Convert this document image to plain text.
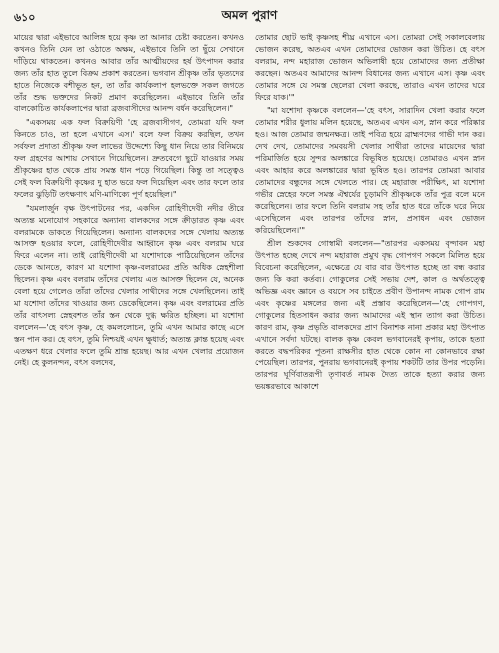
৬১০	অমল পুরাণ

মায়ের দ্বারা এইভাবে আলিঙ্গ হয়ে কৃষ্ণ তা আনার চেষ্টা করতেন। কখনও কখনও তিনি যেন তা ওঠাতে অক্ষম, এইভাবে তিনি তা ছুঁয়ে সেখানে দাঁড়িয়ে থাকতেন। কখনও আবার তাঁর আত্মীয়দের হর্ষ উৎপাদন করার জন্য তাঁর হাত তুলে বিক্রম প্রকাশ করতেন। ভগবান শ্রীকৃষ্ণ তাঁর ভৃত্যদের হাতে নিজেকে বশীভূত হন, তা তাঁর কার্যকলাপ হলভক্তে সকল জগতে তাঁর শুদ্ধ ভক্তদের নিকট প্রমাণ করেছিলেন। এইভাবে তিনি তাঁর বালকোচিত কার্যকলাপের দ্বারা ব্রজবাসীদের আনন্দ বর্ধন করেছিলেন।"

"একসময় এক ফল বিক্রয়িণী 'হে ব্রজবাসীগণ, তোমরা যদি ফল কিনতে চাও, তা হলে এখানে এস।' বলে ফল বিক্রয় করছিল, তখন সর্বফল প্রদাতা শ্রীকৃষ্ণ ফল লাভের উদ্দেশ্যে কিছু ধান নিয়ে তার বিনিময়ে ফল গ্রহণের আশায় সেখানে গিয়েছিলেন। দ্রুতবেগে ছুটে যাওয়ার সময় শ্রীকৃষ্ণের হাত থেকে প্রায় সমস্ত ধান পড়ে গিয়েছিল। কিন্তু তা সত্ত্বেও সেই ফল বিক্রয়িণী কৃষ্ণের দু হাত ভরে ফল দিয়েছিল এবং তার ফলে তার ফলের ঝুড়িটি তৎক্ষণাৎ মণি-মাণিক্যে পূর্ণ হয়েছিল।"

"যমলার্জুন বৃক্ষ উৎপাটনের পর, একদিন রোহিণীদেবী নদীর তীরে অত্যন্ত মনোযোগ সহকারে অন্যান্য বালকদের সঙ্গে ক্রীড়ারত কৃষ্ণ এবং বলরামকে ডাকতে গিয়েছিলেন। অন্যান্য বালকদের সঙ্গে খেলায় অত্যন্ত আসক্ত হওয়ার ফলে, রোহিণীদেবীর আহ্বানে কৃষ্ণ এবং বলরাম ঘরে ফিরে এলেন না। তাই রোহিণীদেবী মা যশোদাকে পাঠিয়েছিলেন তাঁদের ডেকে আনতে, কারণ মা যশোদা কৃষ্ণ-বলরামের প্রতি অধিক স্নেহশীলা ছিলেন। কৃষ্ণ এবং বলরাম তাঁদের খেলায় এত আসক্ত ছিলেন যে, অনেক বেলা হয়ে গেলেও তাঁরা তাঁদের খেলার সাথীদের সঙ্গে খেলছিলেন। তাই মা যশোদা তাঁদের খাওয়ার জন্য ডেকেছিলেন। কৃষ্ণ এবং বলরামের প্রতি তাঁর বাৎসল্য স্নেহবশত তাঁর স্তন থেকে দুগ্ধ ক্ষরিত হচ্ছিল। মা যশোদা বললেন—'হে বৎস কৃষ্ণ, হে কমললোচন, তুমি এখন আমার কাছে এসে স্তন পান কর। হে বৎস, তুমি নিশ্চয়ই এখন ক্ষুধার্ত; অত্যন্ত ক্লান্ত হয়েছ এবং এতক্ষণ ধরে খেলার ফলে তুমি শ্রান্ত হয়েছ। আর এখন খেলার প্রয়োজন নেই। হে কুলনন্দন, বৎস বলদেব,

তোমার ছোট ভাই কৃষ্ণসহ শীঘ্র এখানে এস। তোমরা সেই সকালবেলায় ভোজন করেছ, অতএব এখন তোমাদের ভোজন করা উচিত। হে বৎস বলরাম, নন্দ মহারাজ ভোজন অভিলাষী হয়ে তোমাদের জন্য প্রতীক্ষা করছেন। অতএব আমাদের আনন্দ বিধানের জন্য এখানে এস। কৃষ্ণ এবং তোমার সঙ্গে যে সমস্ত ছেলেরা খেলা করছে, তারাও এখন তাদের ঘরে ফিরে যাক।'"

"মা যশোদা কৃষ্ণকে বললেন—'হে বৎস, সারাদিন খেলা করার ফলে তোমার শরীর ধুলায় মলিন হয়েছে, অতএব এখন এস, স্নান করে পরিষ্কার হও। আজ তোমার জন্মনক্ষত্র। তাই পবিত্র হয়ে ব্রাহ্মণদের গাভী দান কর। দেখ দেখ, তোমাদের সমবয়সী খেলার সাথীরা তাদের মায়েদের দ্বারা পরিমার্জিত হয়ে সুন্দর অলঙ্কারে বিভূষিত হয়েছে। তোমারও এখন স্নান এবং আহার করে অলঙ্কারের দ্বারা ভূষিত হও। তারপর তোমরা আবার তোমাদের বন্ধুদের সঙ্গে খেলতে পার। হে মহারাজ পরীক্ষিৎ, মা যশোদা গভীর স্নেহের ফলে সমস্ত ঐশ্বর্যের চূড়ামণি শ্রীকৃষ্ণকে তাঁর পুত্র বলে মনে করেছিলেন। তার ফলে তিনি বলরাম সহ তাঁর হাত ধরে তাঁকে ঘরে নিয়ে এসেছিলেন এবং তারপর তাঁদের স্নান, প্রসাধন এবং ভোজন করিয়েছিলেন।'"

শ্রীল শুকদেব গোস্বামী বললেন—"তারপর একসময় বৃন্দাবন মহা উৎপাত হচ্ছে দেখে নন্দ মহারাজ প্রমুখ বৃদ্ধ গোপগণ সকলে মিলিত হয়ে বিবেচনা করেছিলেন, এক্ষেত্রে যে বার বার উৎপাত হচ্ছে তা বন্ধ করার জন্য কি করা কর্তব্য। গোকুলের সেই সভায় দেশ, কাল ও অর্থতত্ত্বে অভিজ্ঞ এবং জ্ঞানে ও বয়সে সব চাইতে প্রবীণ উপানন্দ নামক গোপ রাম এবং কৃষ্ণের মঙ্গলের জন্য এই প্রস্তাব করেছিলেন—'হে গোপগণ, গোকুলের হিতসাধন করার জন্য আমাদের এই স্থান ত্যাগ করা উচিত। কারণ রাম, কৃষ্ণ প্রভৃতি বালকদের প্রাণ বিনাশক নানা প্রকার মহা উৎপাত এখানে সর্বদা ঘটছে। বালক কৃষ্ণ কেবল ভগবানেরই কৃপায়, তাকে হত্যা করতে বদ্ধপরিকর পূতনা রাক্ষসীর হাত থেকে কোন না কোনভাবে রক্ষা পেয়েছিল। তারপর, পুনরায় ভগবানেরই কৃপায় শকটটি তার উপর পড়েনি। তারপর ঘূর্ণিবাতরূপী তৃণাবর্ত নামক দৈত্য তাকে হত্যা করার জন্য ভয়ঙ্করভাবে আকাশে
